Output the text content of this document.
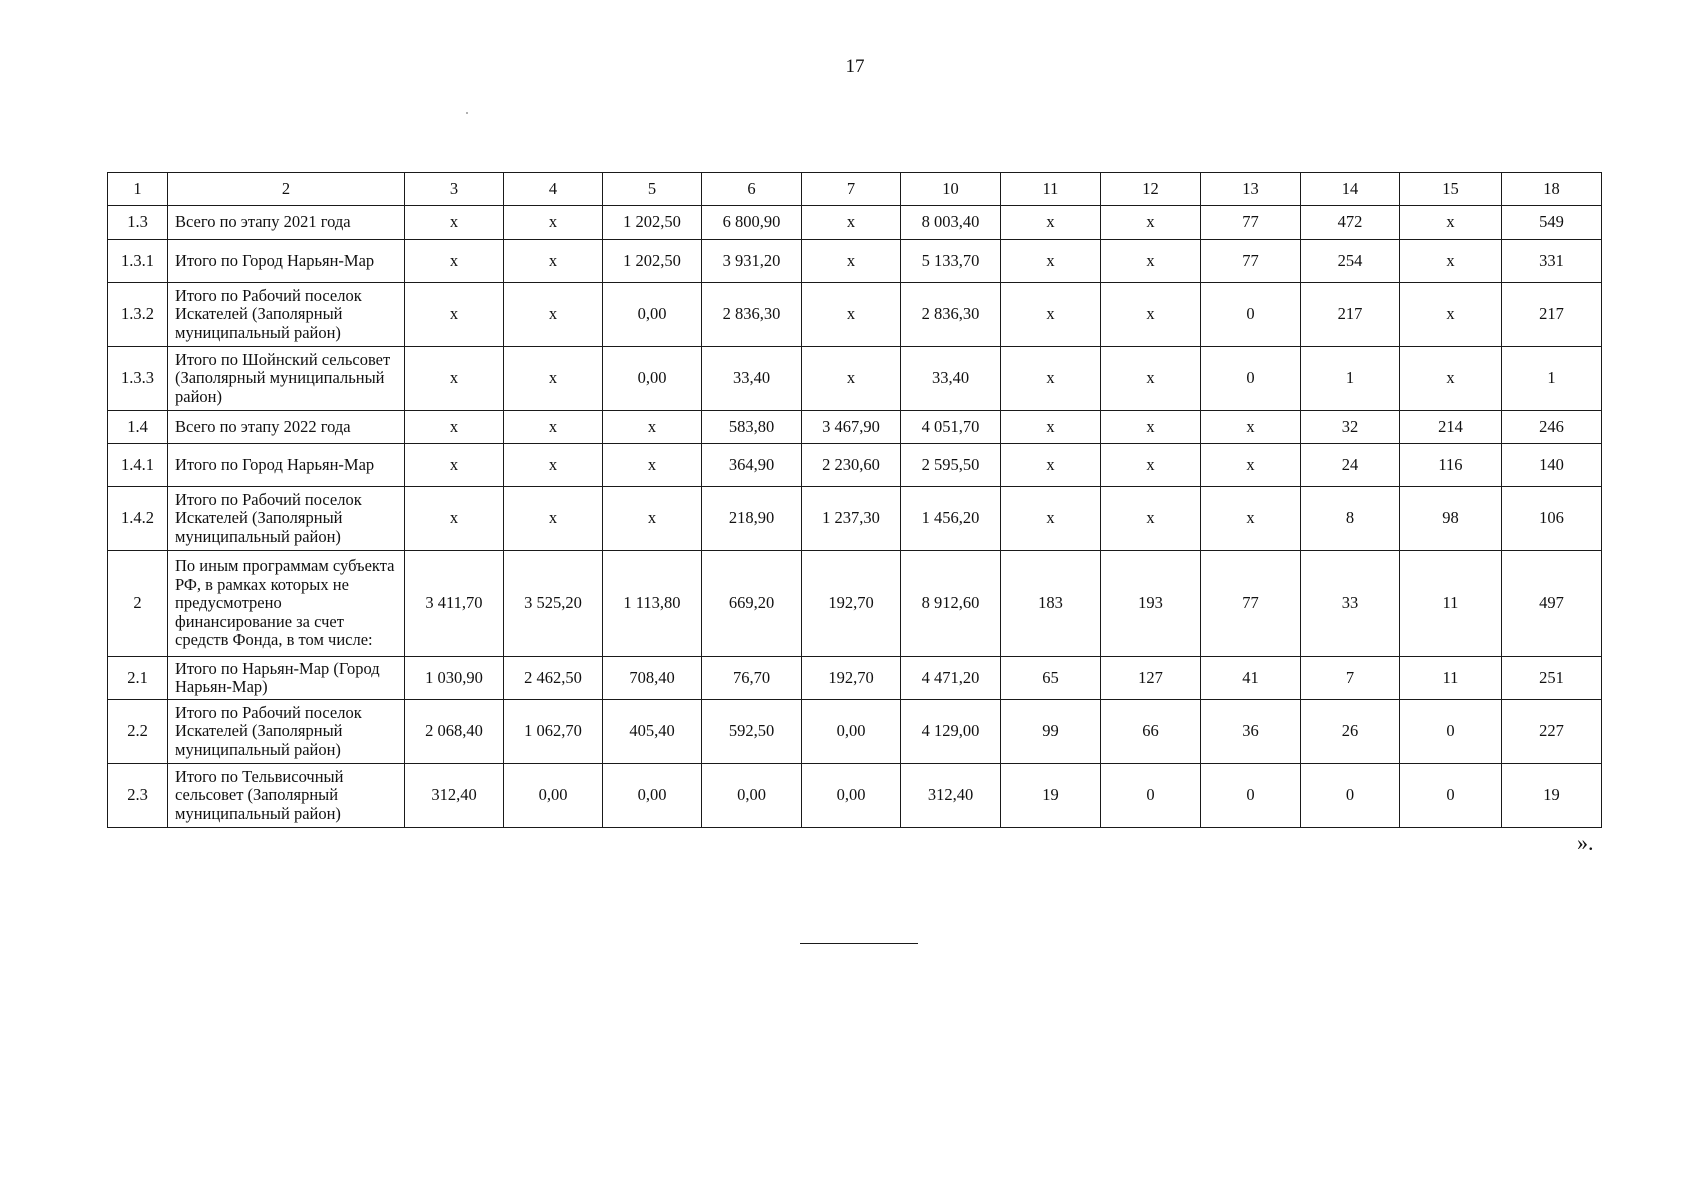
17
1	2	3	4	5	6	7	10	11	12	13	14	15	18
1.3	Всего по этапу 2021 года	x	x	1 202,50	6 800,90	x	8 003,40	x	x	77	472	x	549
1.3.1	Итого по Город Нарьян-Мар	x	x	1 202,50	3 931,20	x	5 133,70	x	x	77	254	x	331
1.3.2	Итого по Рабочий поселок Искателей (Заполярный муниципальный район)	x	x	0,00	2 836,30	x	2 836,30	x	x	0	217	x	217
1.3.3	Итого по Шойнский сельсовет (Заполярный муниципальный район)	x	x	0,00	33,40	x	33,40	x	x	0	1	x	1
1.4	Всего по этапу 2022 года	x	x	x	583,80	3 467,90	4 051,70	x	x	x	32	214	246
1.4.1	Итого по Город Нарьян-Мар	x	x	x	364,90	2 230,60	2 595,50	x	x	x	24	116	140
1.4.2	Итого по Рабочий поселок Искателей (Заполярный муниципальный район)	x	x	x	218,90	1 237,30	1 456,20	x	x	x	8	98	106
2	По иным программам субъекта РФ, в рамках которых не предусмотрено финансирование за счет средств Фонда, в том числе:	3 411,70	3 525,20	1 113,80	669,20	192,70	8 912,60	183	193	77	33	11	497
2.1	Итого по Нарьян-Мар (Город Нарьян-Мар)	1 030,90	2 462,50	708,40	76,70	192,70	4 471,20	65	127	41	7	11	251
2.2	Итого по Рабочий поселок Искателей (Заполярный муниципальный район)	2 068,40	1 062,70	405,40	592,50	0,00	4 129,00	99	66	36	26	0	227
2.3	Итого по Тельвисочный сельсовет (Заполярный муниципальный район)	312,40	0,00	0,00	0,00	0,00	312,40	19	0	0	0	0	19
».
